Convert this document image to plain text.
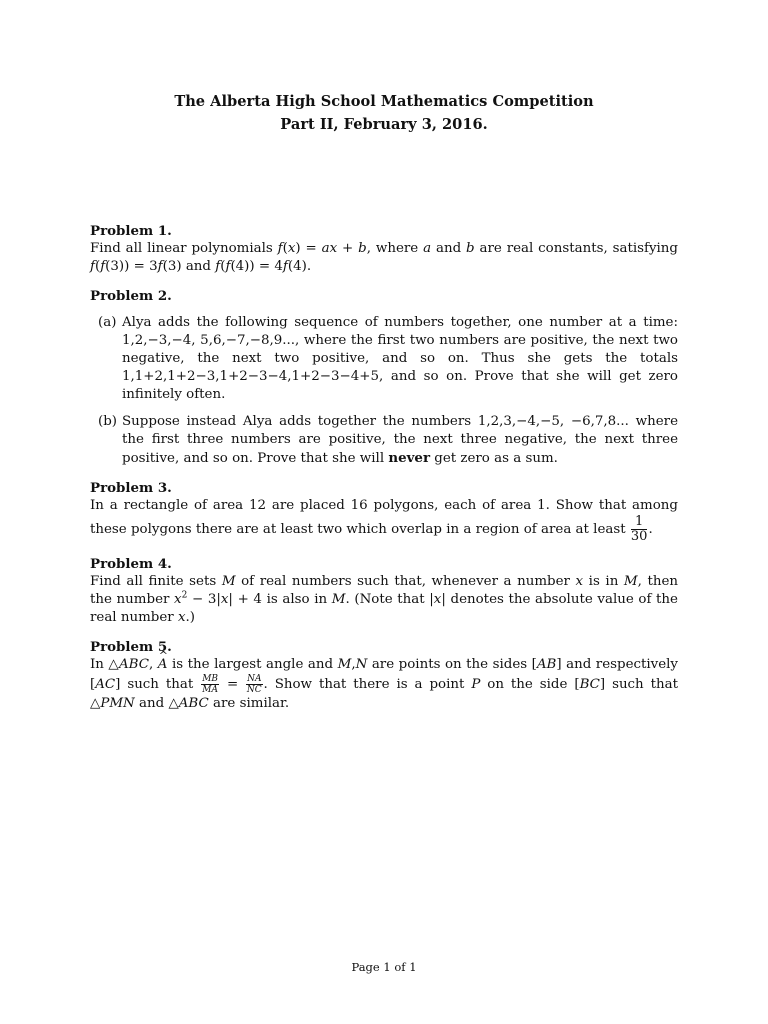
The Alberta High School Mathematics Competition
Part II, February 3, 2016.
Problem 1.

Find all linear polynomials f(x) = ax + b, where a and b are real constants, satisfying f(f(3)) = 3f(3) and f(f(4)) = 4f(4).

Problem 2.
(a) Alya adds the following sequence of numbers together, one number at a time: 1,2,−3,−4, 5,6,−7,−8,9..., where the first two numbers are positive, the next two negative, the next two positive, and so on. Thus she gets the totals 1,1+2,1+2−3,1+2−3−4,1+2−3−4+5, and so on. Prove that she will get zero infinitely often.
(b) Suppose instead Alya adds together the numbers 1,2,3,−4,−5, −6,7,8... where the first three numbers are positive, the next three negative, the next three positive, and so on. Prove that she will never get zero as a sum.
Problem 3.

In a rectangle of area 12 are placed 16 polygons, each of area 1. Show that among these polygons there are at least two which overlap in a region of area at least $\frac{1}{30}$ .

Problem 4.

Find all finite sets M of real numbers such that, whenever a number x is in M, then the number $x^2 - 3|x| + 4$ is also in M. (Note that |x| denotes the absolute value of the real number x.)

Problem 5.

In △ABC, ^ A is the largest angle and M,N are points on the sides [AB] and respectively [AC] such that $\frac{MB}{MA} = \frac{NA}{NC}$ . Show that there is a point P on the side [BC] such that △PMN and △ABC are similar.

Page 1 of 1
